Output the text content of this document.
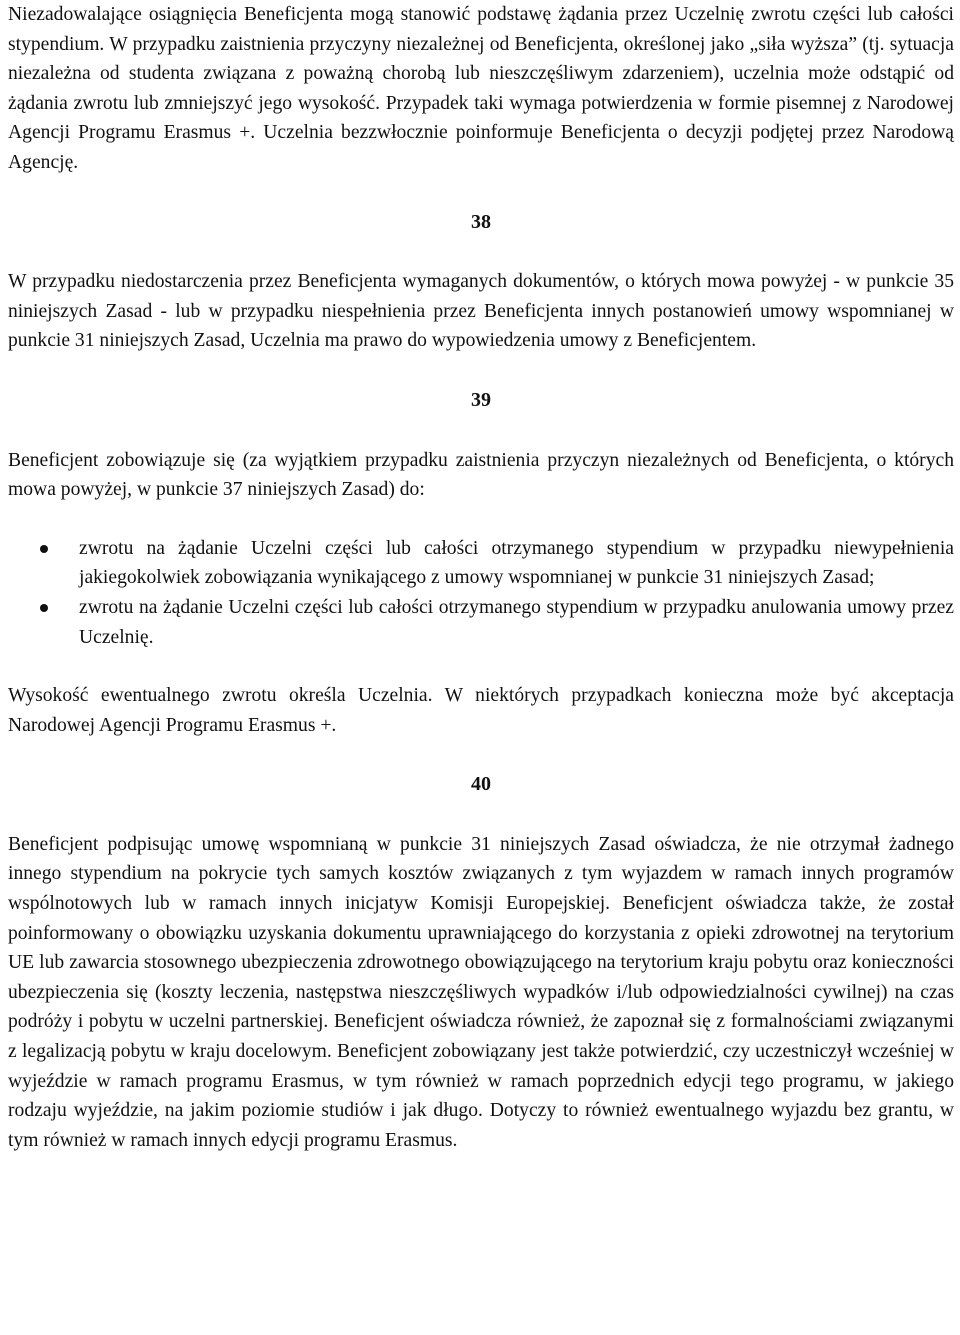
Niezadowalające osiągnięcia Beneficjenta mogą stanowić podstawę żądania przez Uczelnię zwrotu części lub całości stypendium. W przypadku zaistnienia przyczyny niezależnej od Beneficjenta, określonej jako „siła wyższa” (tj. sytuacja niezależna od studenta związana z poważną chorobą lub nieszczęśliwym zdarzeniem), uczelnia może odstąpić od żądania zwrotu lub zmniejszyć jego wysokość. Przypadek taki wymaga potwierdzenia w formie pisemnej z Narodowej Agencji Programu Erasmus +. Uczelnia bezzwłocznie poinformuje Beneficjenta o decyzji podjętej przez Narodową Agencję.

38

W przypadku niedostarczenia przez Beneficjenta wymaganych dokumentów, o których mowa powyżej - w punkcie 35 niniejszych Zasad - lub w przypadku niespełnienia przez Beneficjenta innych postanowień umowy wspomnianej w punkcie 31 niniejszych Zasad, Uczelnia ma prawo do wypowiedzenia umowy z Beneficjentem.

39

Beneficjent zobowiązuje się (za wyjątkiem przypadku zaistnienia przyczyn niezależnych od Beneficjenta, o których mowa powyżej, w punkcie 37 niniejszych Zasad) do:

zwrotu na żądanie Uczelni części lub całości otrzymanego stypendium w przypadku niewypełnienia jakiegokolwiek zobowiązania wynikającego z umowy wspomnianej w punkcie 31 niniejszych Zasad;
zwrotu na żądanie Uczelni części lub całości otrzymanego stypendium w przypadku anulowania umowy przez Uczelnię.

Wysokość ewentualnego zwrotu określa Uczelnia. W niektórych przypadkach konieczna może być akceptacja Narodowej Agencji Programu Erasmus +.

40

Beneficjent podpisując umowę wspomnianą w punkcie 31 niniejszych Zasad oświadcza, że nie otrzymał żadnego innego stypendium na pokrycie tych samych kosztów związanych z tym wyjazdem w ramach innych programów wspólnotowych lub w ramach innych inicjatyw Komisji Europejskiej. Beneficjent oświadcza także, że został poinformowany o obowiązku uzyskania dokumentu uprawniającego do korzystania z opieki zdrowotnej na terytorium UE lub zawarcia stosownego ubezpieczenia zdrowotnego obowiązującego na terytorium kraju pobytu oraz konieczności ubezpieczenia się (koszty leczenia, następstwa nieszczęśliwych wypadków i/lub odpowiedzialności cywilnej) na czas podróży i pobytu w uczelni partnerskiej. Beneficjent oświadcza również, że zapoznał się z formalnościami związanymi z legalizacją pobytu w kraju docelowym. Beneficjent zobowiązany jest także potwierdzić, czy uczestniczył wcześniej w wyjeździe w ramach programu Erasmus, w tym również w ramach poprzednich edycji tego programu, w jakiego rodzaju wyjeździe, na jakim poziomie studiów i jak długo. Dotyczy to również ewentualnego wyjazdu bez grantu, w tym również w ramach innych edycji programu Erasmus.
